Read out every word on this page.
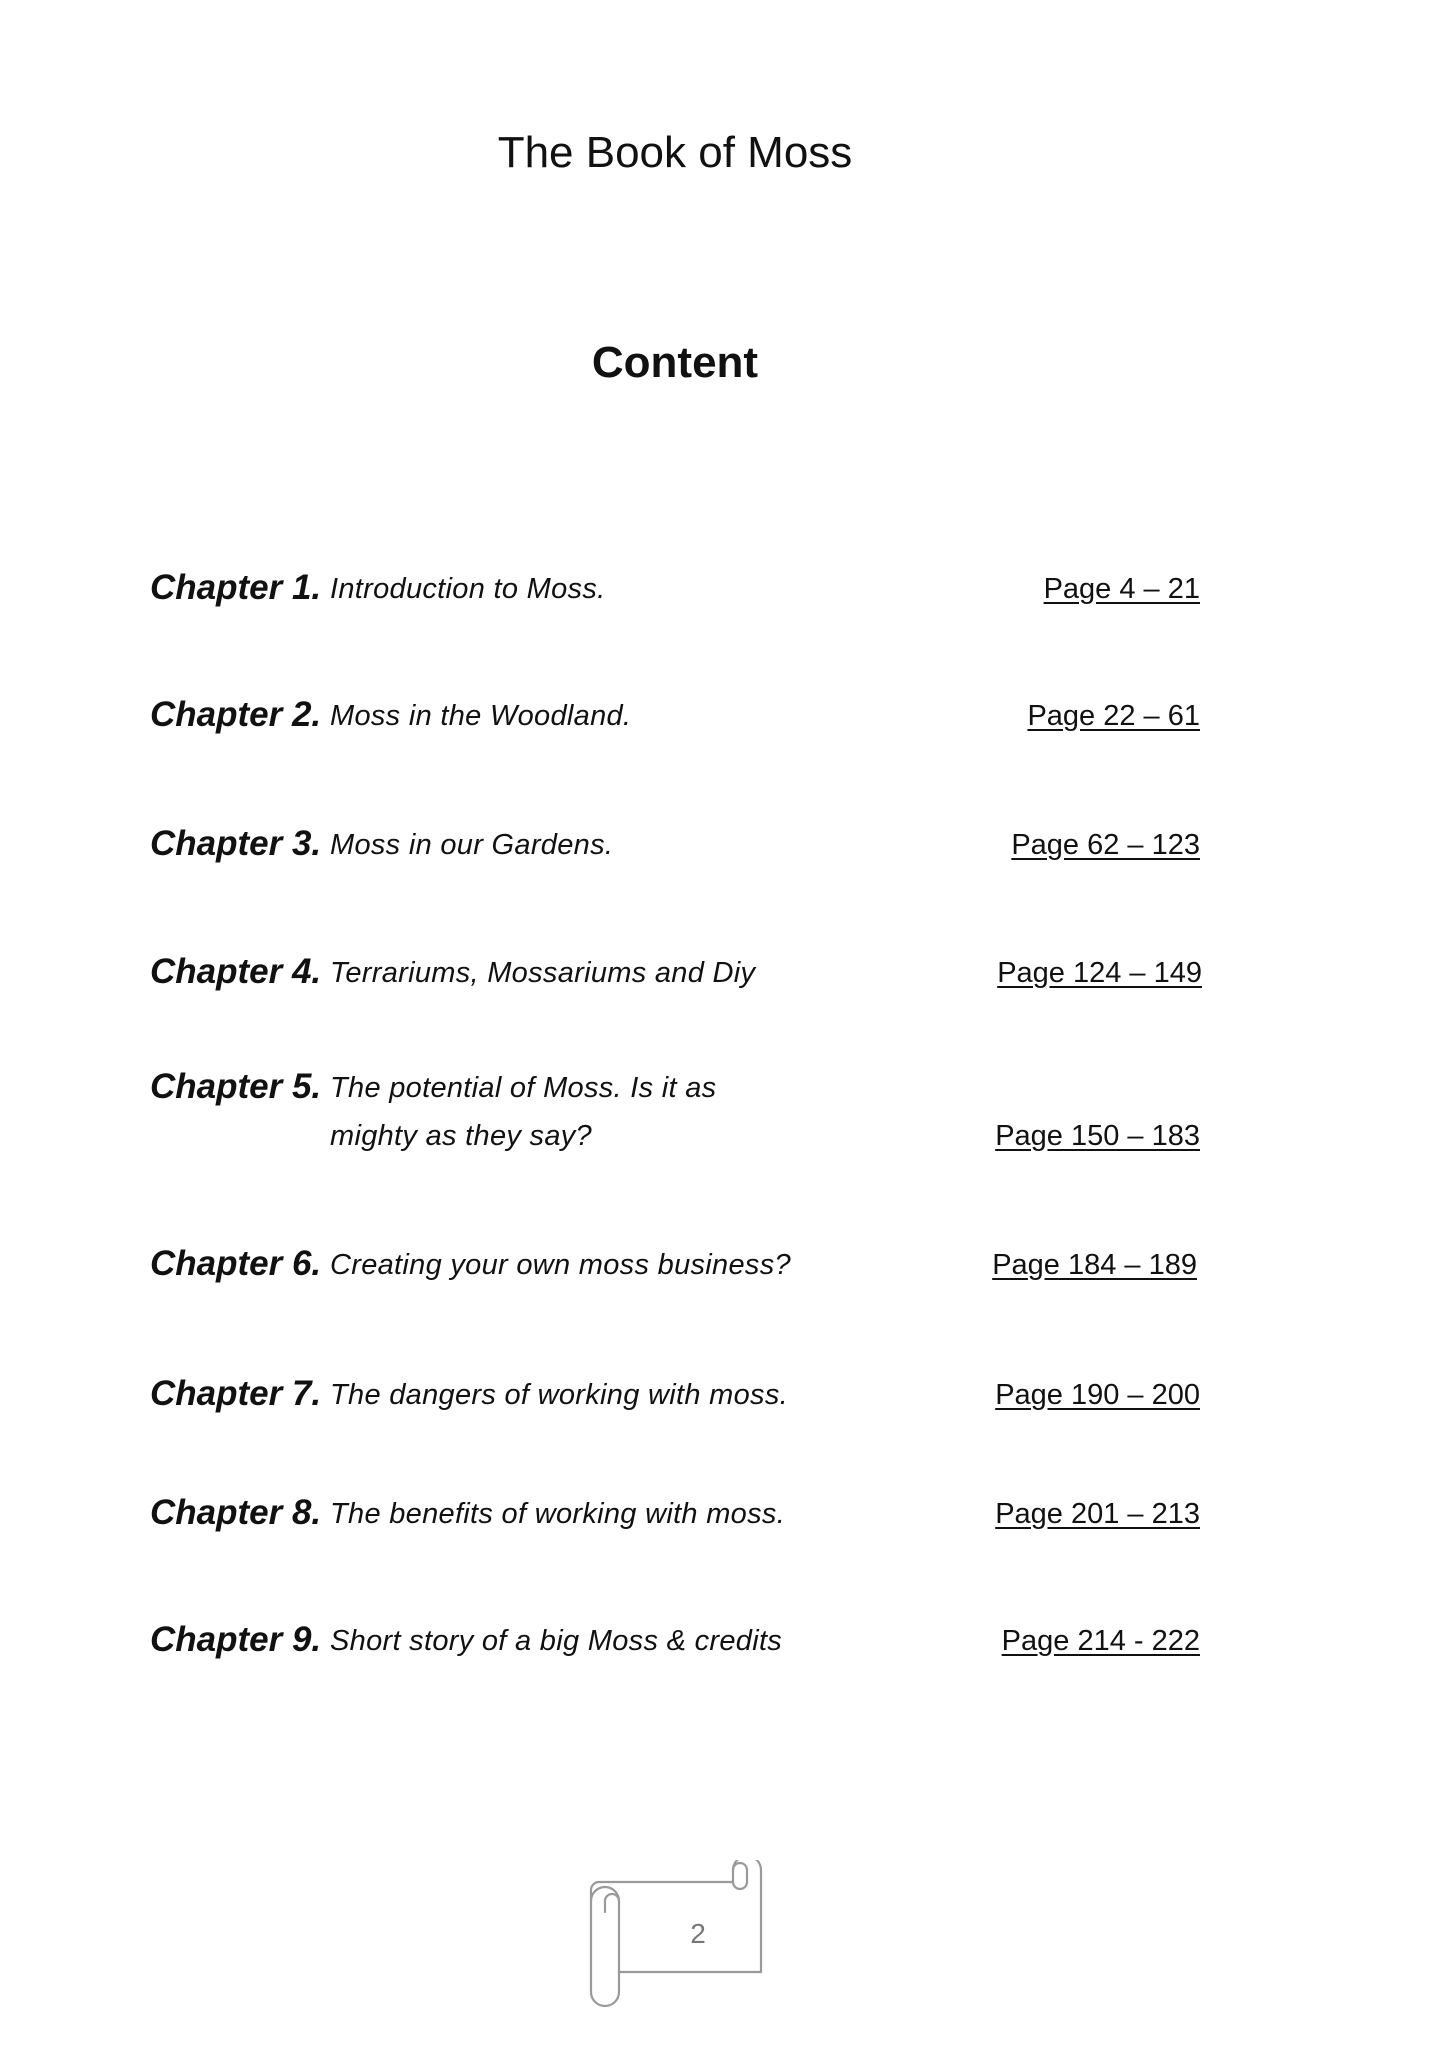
The Book of Moss
Content
Chapter 1. Introduction to Moss.	Page 4 – 21
Chapter 2. Moss in the Woodland.	Page 22 – 61
Chapter 3. Moss in our Gardens.	Page 62 – 123
Chapter 4. Terrariums, Mossariums and Diy	Page 124 – 149
Chapter 5. The potential of Moss. Is it as
mighty as they say?	Page 150 – 183
Chapter 6. Creating your own moss business?	Page 184 – 189
Chapter 7. The dangers of working with moss.	Page 190 – 200
Chapter 8. The benefits of working with moss.	Page 201 – 213
Chapter 9. Short story of a big Moss & credits	Page 214 - 222
2
